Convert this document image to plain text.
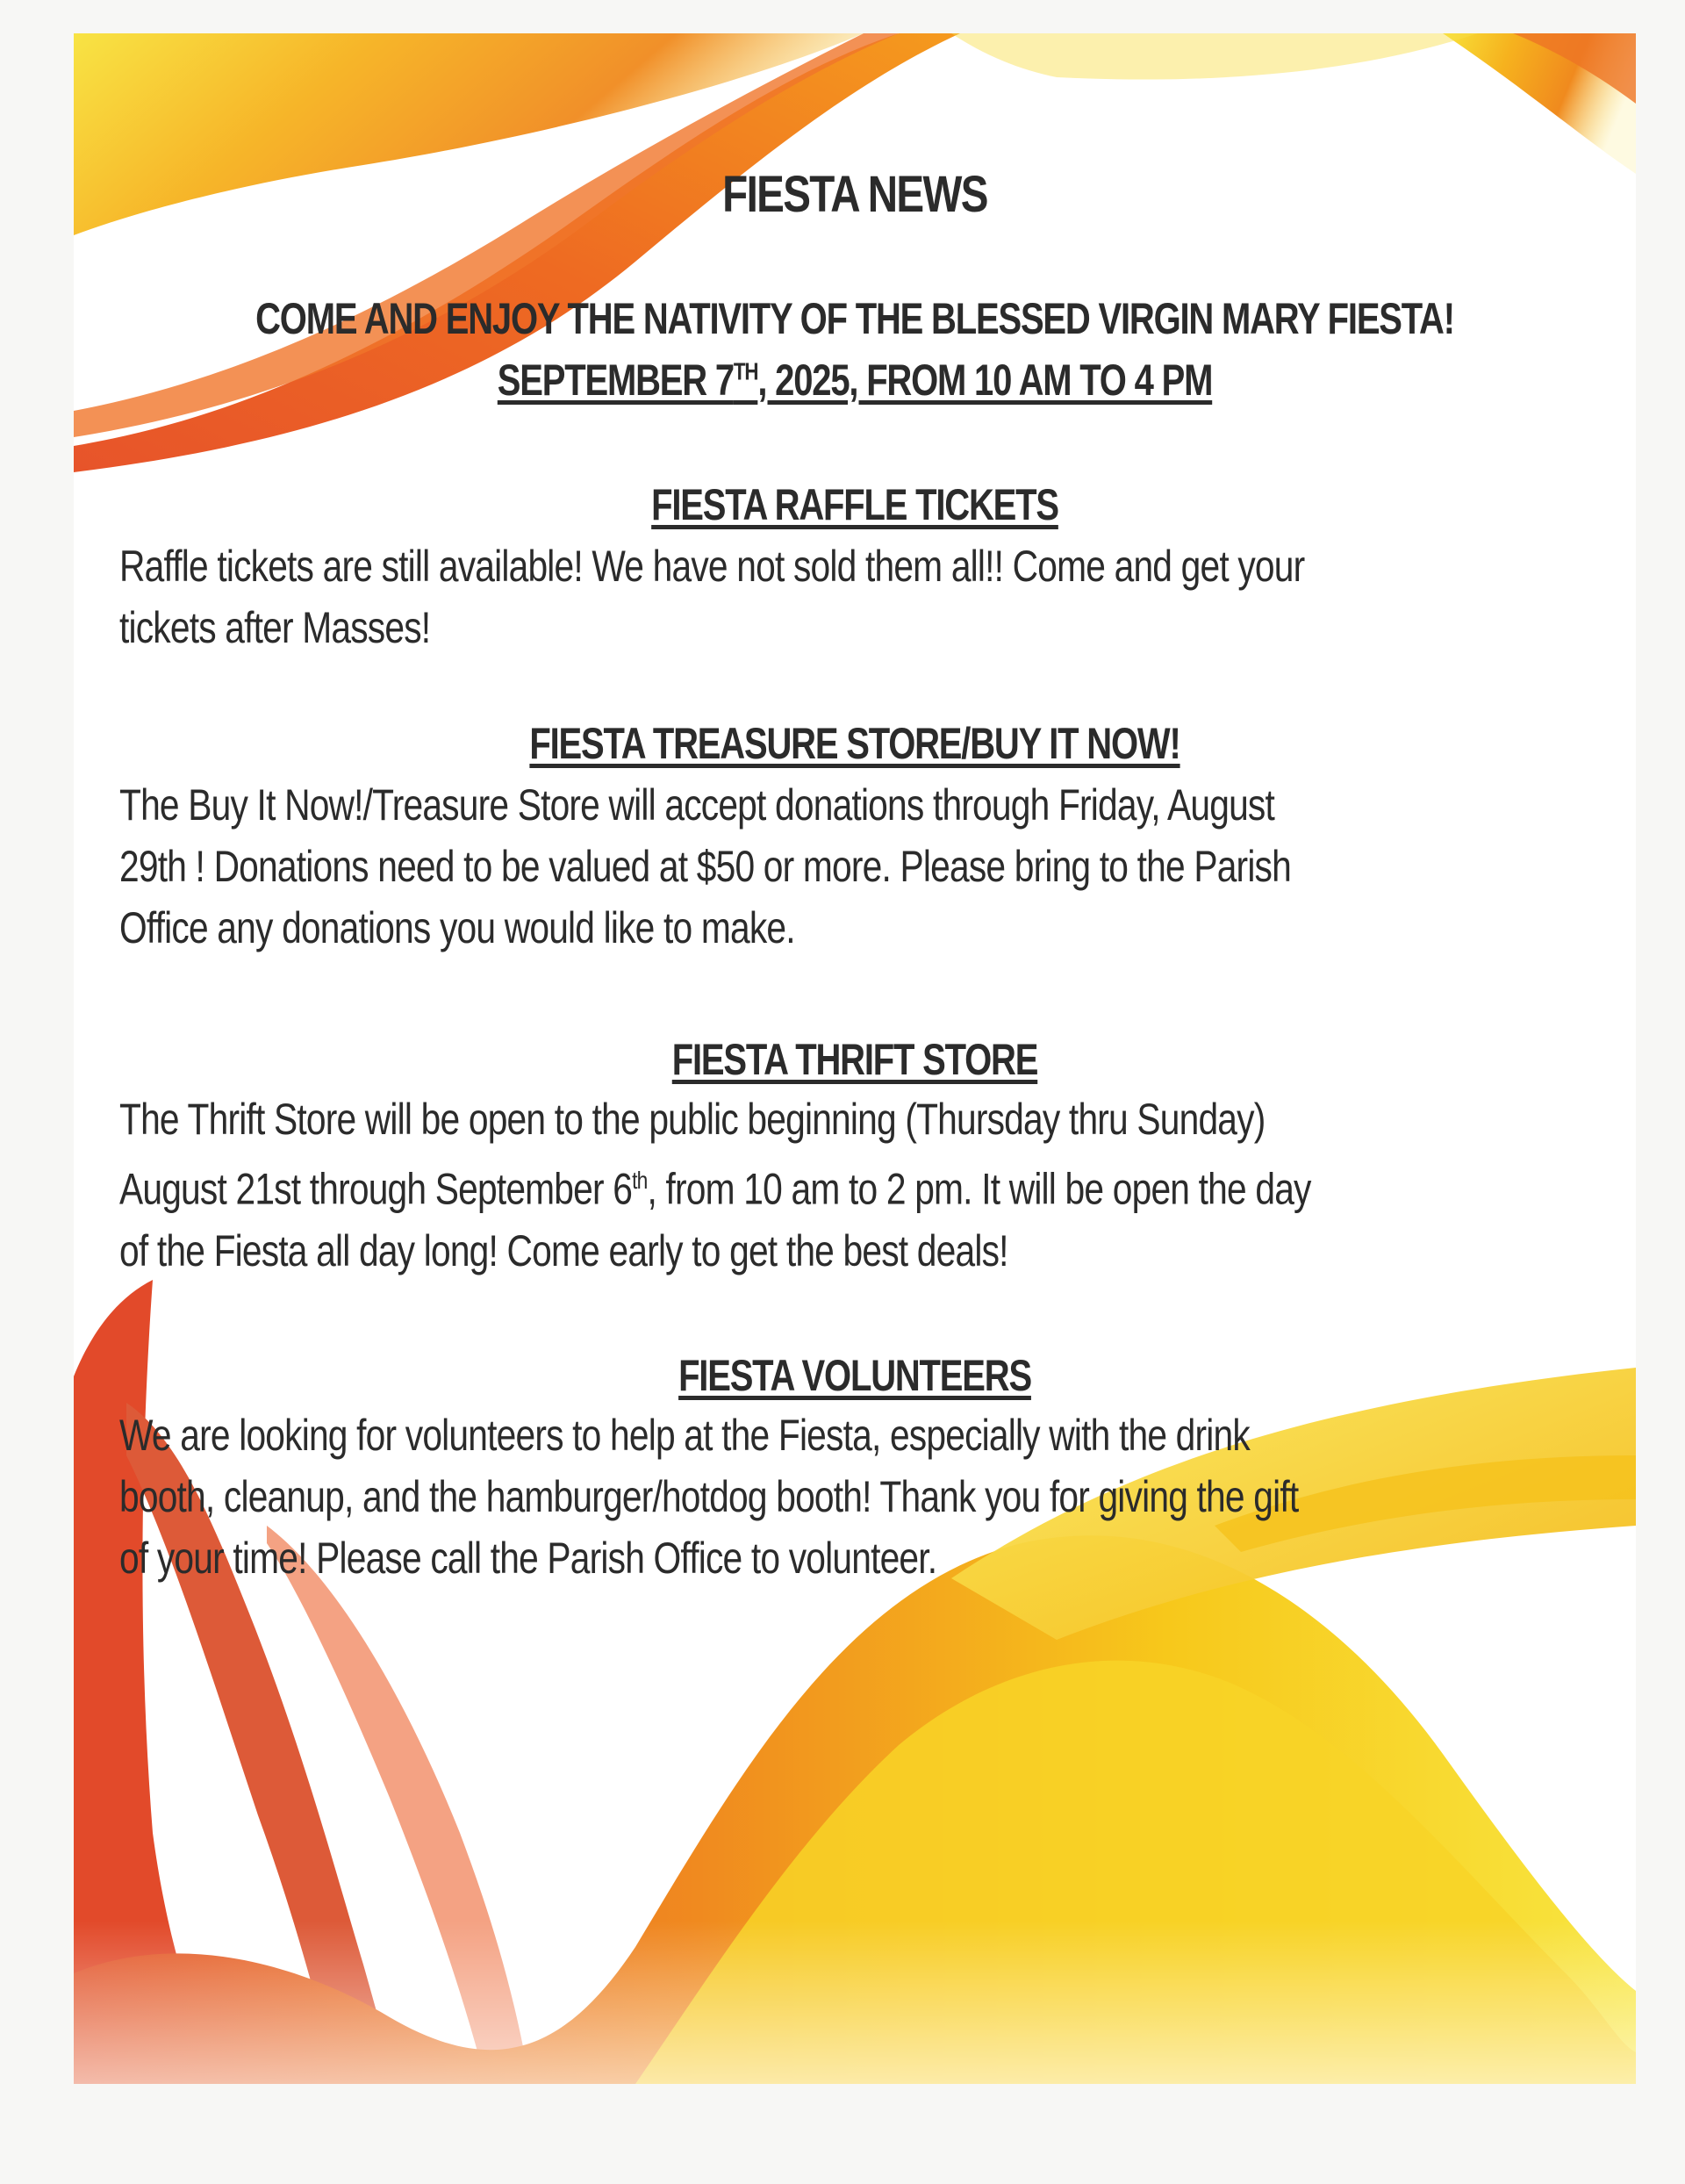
FIESTA NEWS

COME AND ENJOY THE NATIVITY OF THE BLESSED VIRGIN MARY FIESTA!

SEPTEMBER 7TH, 2025, FROM 10 AM TO 4 PM

FIESTA RAFFLE TICKETS

Raffle tickets are still available! We have not sold them all!! Come and get your
tickets after Masses!

FIESTA TREASURE STORE/BUY IT NOW!

The Buy It Now!/Treasure Store will accept donations through Friday, August
29th ! Donations need to be valued at $50 or more. Please bring to the Parish
Office any donations you would like to make.

FIESTA THRIFT STORE

The Thrift Store will be open to the public beginning (Thursday thru Sunday)
August 21st through September 6th, from 10 am to 2 pm. It will be open the day
of the Fiesta all day long! Come early to get the best deals!

FIESTA VOLUNTEERS

We are looking for volunteers to help at the Fiesta, especially with the drink
booth, cleanup, and the hamburger/hotdog booth! Thank you for giving the gift
of your time! Please call the Parish Office to volunteer.
